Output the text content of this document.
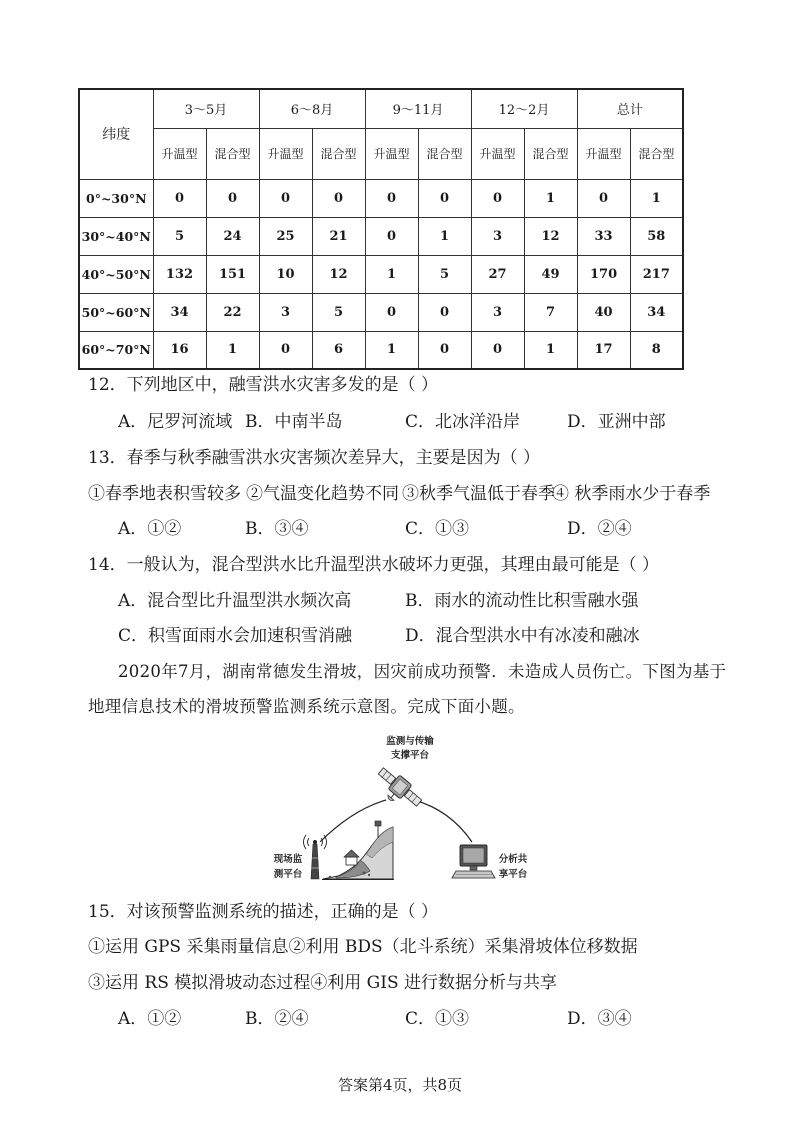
纬度	3～5月		6～8月		9～11月		12～2月		总计	
	升温型	混合型	升温型	混合型	升温型	混合型	升温型	混合型	升温型	混合型
0°~30°N	0	0	0	0	0	0	0	1	0	1
30°~40°N	5	24	25	21	0	1	3	12	33	58
40°~50°N	132	151	10	12	1	5	27	49	170	217
50°~60°N	34	22	3	5	0	0	3	7	40	34
60°~70°N	16	1	0	6	1	0	0	1	17	8
12．下列地区中，融雪洪水灾害多发的是（ ）
A．尼罗河流域 B．中南半岛	C．北冰洋沿岸	D．亚洲中部
13．春季与秋季融雪洪水灾害频次差异大，主要是因为（ ）
①春季地表积雪较多 ②气温变化趋势不同 ③秋季气温低于春季
④ 秋季雨水少于春季
A．①②	B．③④	C．①③	D．②④
14．一般认为，混合型洪水比升温型洪水破坏力更强，其理由最可能是（ ）
A．混合型比升温型洪水频次高	B．雨水的流动性比积雪融水强
C．积雪面雨水会加速积雪消融	D．混合型洪水中有冰凌和融冰
2020年7月，湖南常德发生滑坡，因灾前成功预警．未造成人员伤亡。下图为基于
地理信息技术的滑坡预警监测系统示意图。完成下面小题。
监测与传输
支撑平台
现场监
测平台
分析共
享平台
15．对该预警监测系统的描述，正确的是（ ）
①运用 GPS 采集雨量信息②利用 BDS（北斗系统）采集滑坡体位移数据
③运用 RS 模拟滑坡动态过程④利用 GIS 进行数据分析与共享
A．①②	B．②④	C．①③	D．③④
答案第4页，共8页
